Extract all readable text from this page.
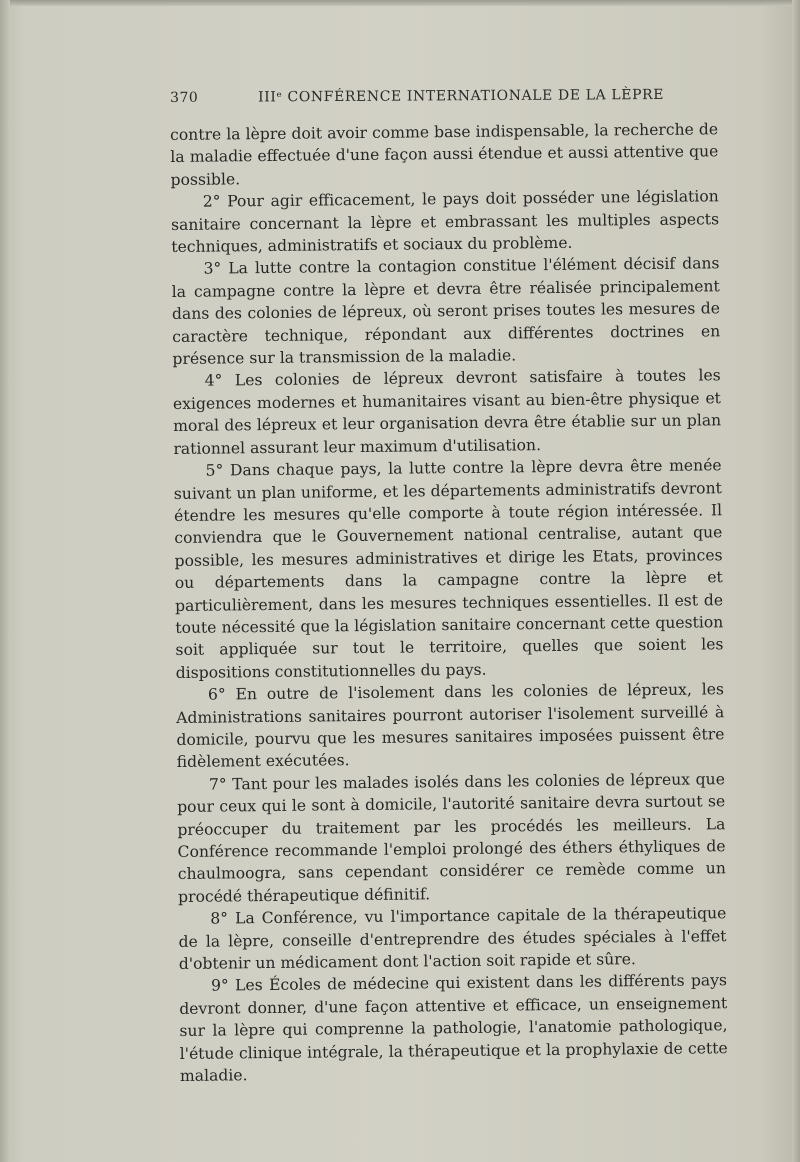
370	IIIᵉ CONFÉRENCE INTERNATIONALE DE LA LÈPRE

contre la lèpre doit avoir comme base indispensable, la recherche de la maladie effectuée d'une façon aussi étendue et aussi attentive que possible.

2° Pour agir efficacement, le pays doit posséder une législation sanitaire concernant la lèpre et embrassant les multiples aspects techniques, administratifs et sociaux du problème.

3° La lutte contre la contagion constitue l'élément décisif dans la campagne contre la lèpre et devra être réalisée principalement dans des colonies de lépreux, où seront prises toutes les mesures de caractère technique, répondant aux différentes doctrines en présence sur la transmission de la maladie.

4° Les colonies de lépreux devront satisfaire à toutes les exigences modernes et humanitaires visant au bien-être physique et moral des lépreux et leur organisation devra être établie sur un plan rationnel assurant leur maximum d'utilisation.

5° Dans chaque pays, la lutte contre la lèpre devra être menée suivant un plan uniforme, et les départements administratifs devront étendre les mesures qu'elle comporte à toute région intéressée. Il conviendra que le Gouvernement national centralise, autant que possible, les mesures administratives et dirige les Etats, provinces ou départements dans la campagne contre la lèpre et particulièrement, dans les mesures techniques essentielles. Il est de toute nécessité que la législation sanitaire concernant cette question soit appliquée sur tout le territoire, quelles que soient les dispositions constitutionnelles du pays.

6° En outre de l'isolement dans les colonies de lépreux, les Administrations sanitaires pourront autoriser l'isolement surveillé à domicile, pourvu que les mesures sanitaires imposées puissent être fidèlement exécutées.

7° Tant pour les malades isolés dans les colonies de lépreux que pour ceux qui le sont à domicile, l'autorité sanitaire devra surtout se préoccuper du traitement par les procédés les meilleurs. La Conférence recommande l'emploi prolongé des éthers éthyliques de chaulmoogra, sans cependant considérer ce remède comme un procédé thérapeutique définitif.

8° La Conférence, vu l'importance capitale de la thérapeutique de la lèpre, conseille d'entreprendre des études spéciales à l'effet d'obtenir un médicament dont l'action soit rapide et sûre.

9° Les Écoles de médecine qui existent dans les différents pays devront donner, d'une façon attentive et efficace, un enseignement sur la lèpre qui comprenne la pathologie, l'anatomie pathologique, l'étude clinique intégrale, la thérapeutique et la prophylaxie de cette maladie.
